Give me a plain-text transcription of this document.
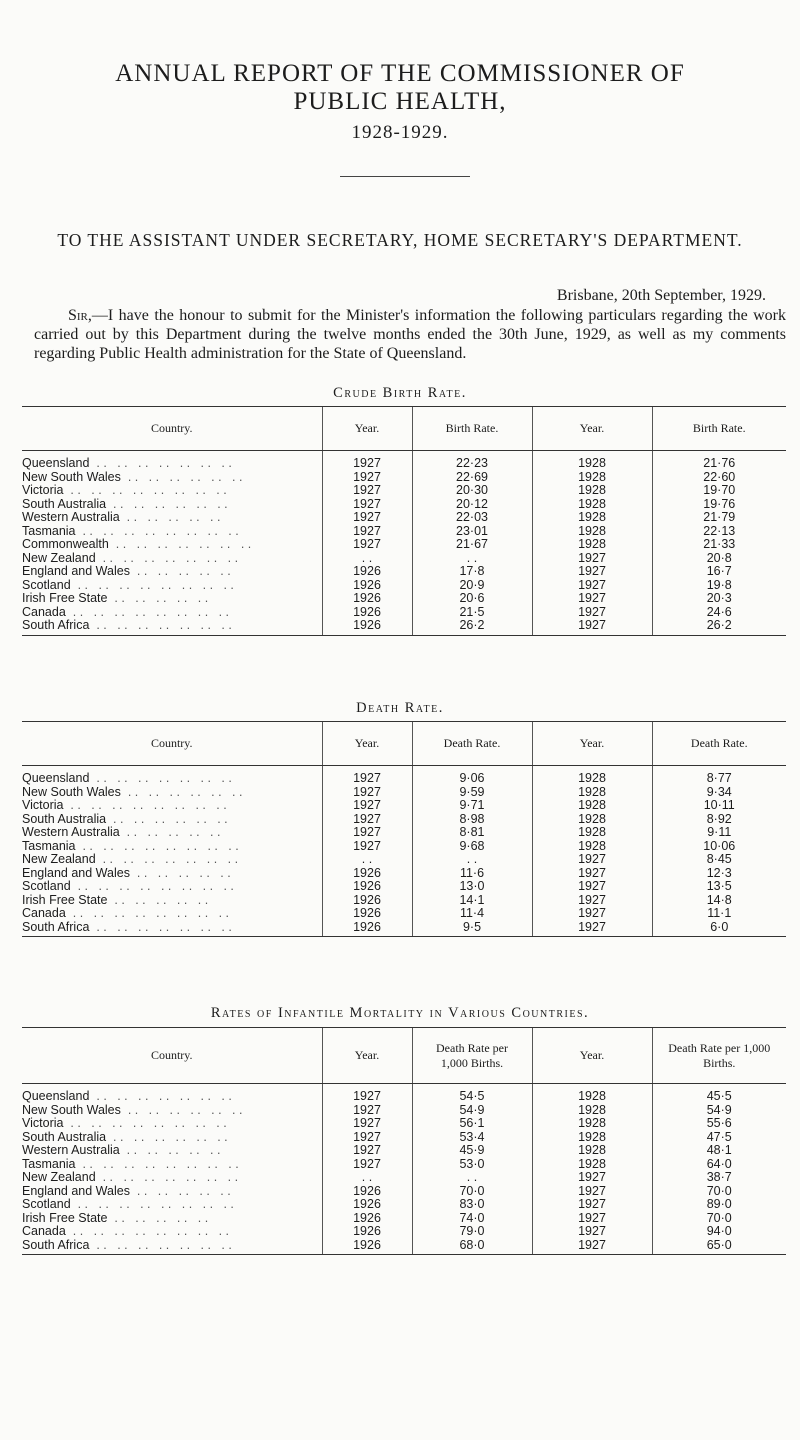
ANNUAL REPORT OF THE COMMISSIONER OF
PUBLIC HEALTH,
1928-1929.
TO THE ASSISTANT UNDER SECRETARY, HOME SECRETARY'S DEPARTMENT.
Brisbane, 20th September, 1929.
Sir,—I have the honour to submit for the Minister's information the following particulars regarding the work carried out by this Department during the twelve months ended the 30th June, 1929, as well as my comments regarding Public Health administration for the State of Queensland.
Crude Birth Rate.
Country.	Year.	Birth Rate.	Year.	Birth Rate.
Queensland  . .   . .   . .   . .   . .   . .   . .	1927	22·23	1928	21·76
New South Wales  . .   . .   . .   . .   . .   . .	1927	22·69	1928	22·60
Victoria  . .   . .   . .   . .   . .   . .   . .   . .	1927	20·30	1928	19·70
South Australia  . .   . .   . .   . .   . .   . .	1927	20·12	1928	19·76
Western Australia  . .   . .   . .   . .   . .	1927	22·03	1928	21·79
Tasmania  . .   . .   . .   . .   . .   . .   . .   . .	1927	23·01	1928	22·13
Commonwealth  . .   . .   . .   . .   . .   . .   . .	1927	21·67	1928	21·33
New Zealand  . .   . .   . .   . .   . .   . .   . .	. .	. .	1927	20·8
England and Wales  . .   . .   . .   . .   . .	1926	17·8	1927	16·7
Scotland  . .   . .   . .   . .   . .   . .   . .   . .	1926	20·9	1927	19·8
Irish Free State  . .   . .   . .   . .   . .	1926	20·6	1927	20·3
Canada  . .   . .   . .   . .   . .   . .   . .   . .	1926	21·5	1927	24·6
South Africa  . .   . .   . .   . .   . .   . .   . .	1926	26·2	1927	26·2
Death Rate.
Country.	Year.	Death Rate.	Year.	Death Rate.
Queensland  . .   . .   . .   . .   . .   . .   . .	1927	9·06	1928	8·77
New South Wales  . .   . .   . .   . .   . .   . .	1927	9·59	1928	9·34
Victoria  . .   . .   . .   . .   . .   . .   . .   . .	1927	9·71	1928	10·11
South Australia  . .   . .   . .   . .   . .   . .	1927	8·98	1928	8·92
Western Australia  . .   . .   . .   . .   . .	1927	8·81	1928	9·11
Tasmania  . .   . .   . .   . .   . .   . .   . .   . .	1927	9·68	1928	10·06
New Zealand  . .   . .   . .   . .   . .   . .   . .	. .	. .	1927	8·45
England and Wales  . .   . .   . .   . .   . .	1926	11·6	1927	12·3
Scotland  . .   . .   . .   . .   . .   . .   . .   . .	1926	13·0	1927	13·5
Irish Free State  . .   . .   . .   . .   . .	1926	14·1	1927	14·8
Canada  . .   . .   . .   . .   . .   . .   . .   . .	1926	11·4	1927	11·1
South Africa  . .   . .   . .   . .   . .   . .   . .	1926	9·5	1927	6·0
Rates of Infantile Mortality in Various Countries.
Country.	Year.	Death Rate per 1,000 Births.	Year.	Death Rate per 1,000 Births.
Queensland  . .   . .   . .   . .   . .   . .   . .	1927	54·5	1928	45·5
New South Wales  . .   . .   . .   . .   . .   . .	1927	54·9	1928	54·9
Victoria  . .   . .   . .   . .   . .   . .   . .   . .	1927	56·1	1928	55·6
South Australia  . .   . .   . .   . .   . .   . .	1927	53·4	1928	47·5
Western Australia  . .   . .   . .   . .   . .	1927	45·9	1928	48·1
Tasmania  . .   . .   . .   . .   . .   . .   . .   . .	1927	53·0	1928	64·0
New Zealand  . .   . .   . .   . .   . .   . .   . .	. .	. .	1927	38·7
England and Wales  . .   . .   . .   . .   . .	1926	70·0	1927	70·0
Scotland  . .   . .   . .   . .   . .   . .   . .   . .	1926	83·0	1927	89·0
Irish Free State  . .   . .   . .   . .   . .	1926	74·0	1927	70·0
Canada  . .   . .   . .   . .   . .   . .   . .   . .	1926	79·0	1927	94·0
South Africa  . .   . .   . .   . .   . .   . .   . .	1926	68·0	1927	65·0
